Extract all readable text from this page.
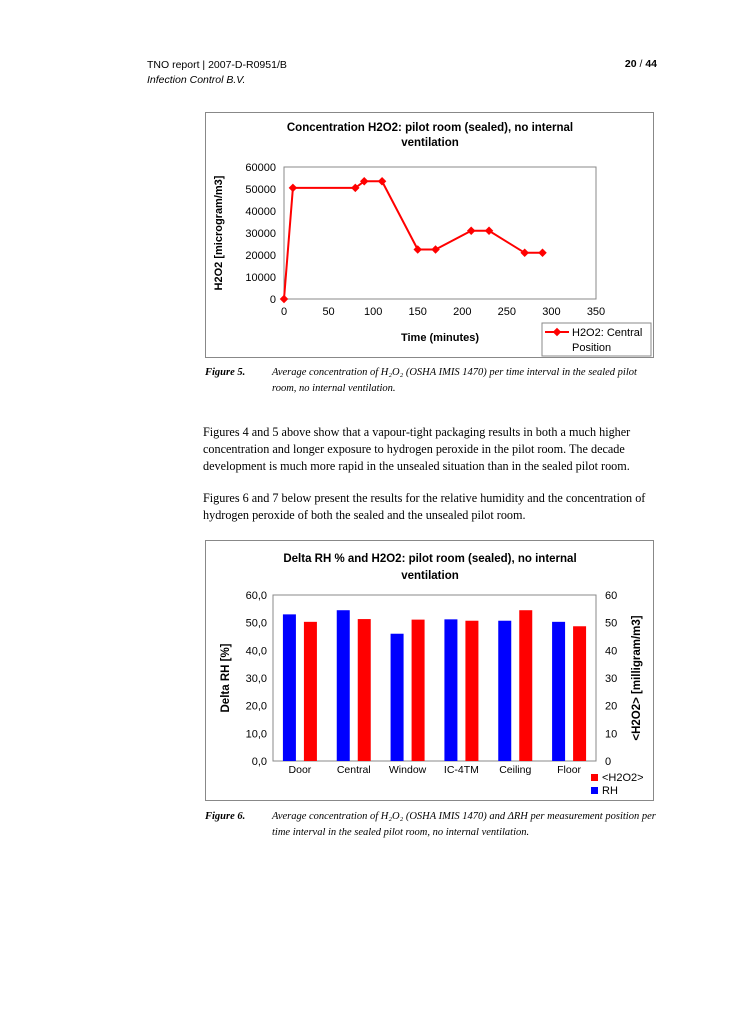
TNO report | 2007-D-R0951/B
Infection Control B.V.
20 / 44
Concentration H2O2: pilot room (sealed), no internal
ventilation
0
10000
20000
30000
40000
50000
60000
0	50	100 150 200 250 300 350
H2O2 [microgram/m3]
Time (minutes)	H2O2: Central
Position
Figure 5.	Average concentration of H₂O₂ (OSHA IMIS 1470) per time interval in the sealed pilot room, no internal ventilation.
Figures 4 and 5 above show that a vapour-tight packaging results in both a much higher concentration and longer exposure to hydrogen peroxide in the pilot room. The decade development is much more rapid in the unsealed situation than in the sealed pilot room.
Figures 6 and 7 below present the results for the relative humidity and the concentration of hydrogen peroxide of both the sealed and the unsealed pilot room.
Delta RH % and H2O2: pilot room (sealed), no internal
ventilation
0,0
10,0
20,0
30,0
40,0
50,0
60,0
0
10
20
30
40
50
60
Door Central Window IC-4TM Ceiling Floor
Delta RH [%]	<H2O2> [milligram/m3]
<H2O2>
RH
Figure 6.	Average concentration of H₂O₂ (OSHA IMIS 1470) and ΔRH per measurement position per time interval in the sealed pilot room, no internal ventilation.
